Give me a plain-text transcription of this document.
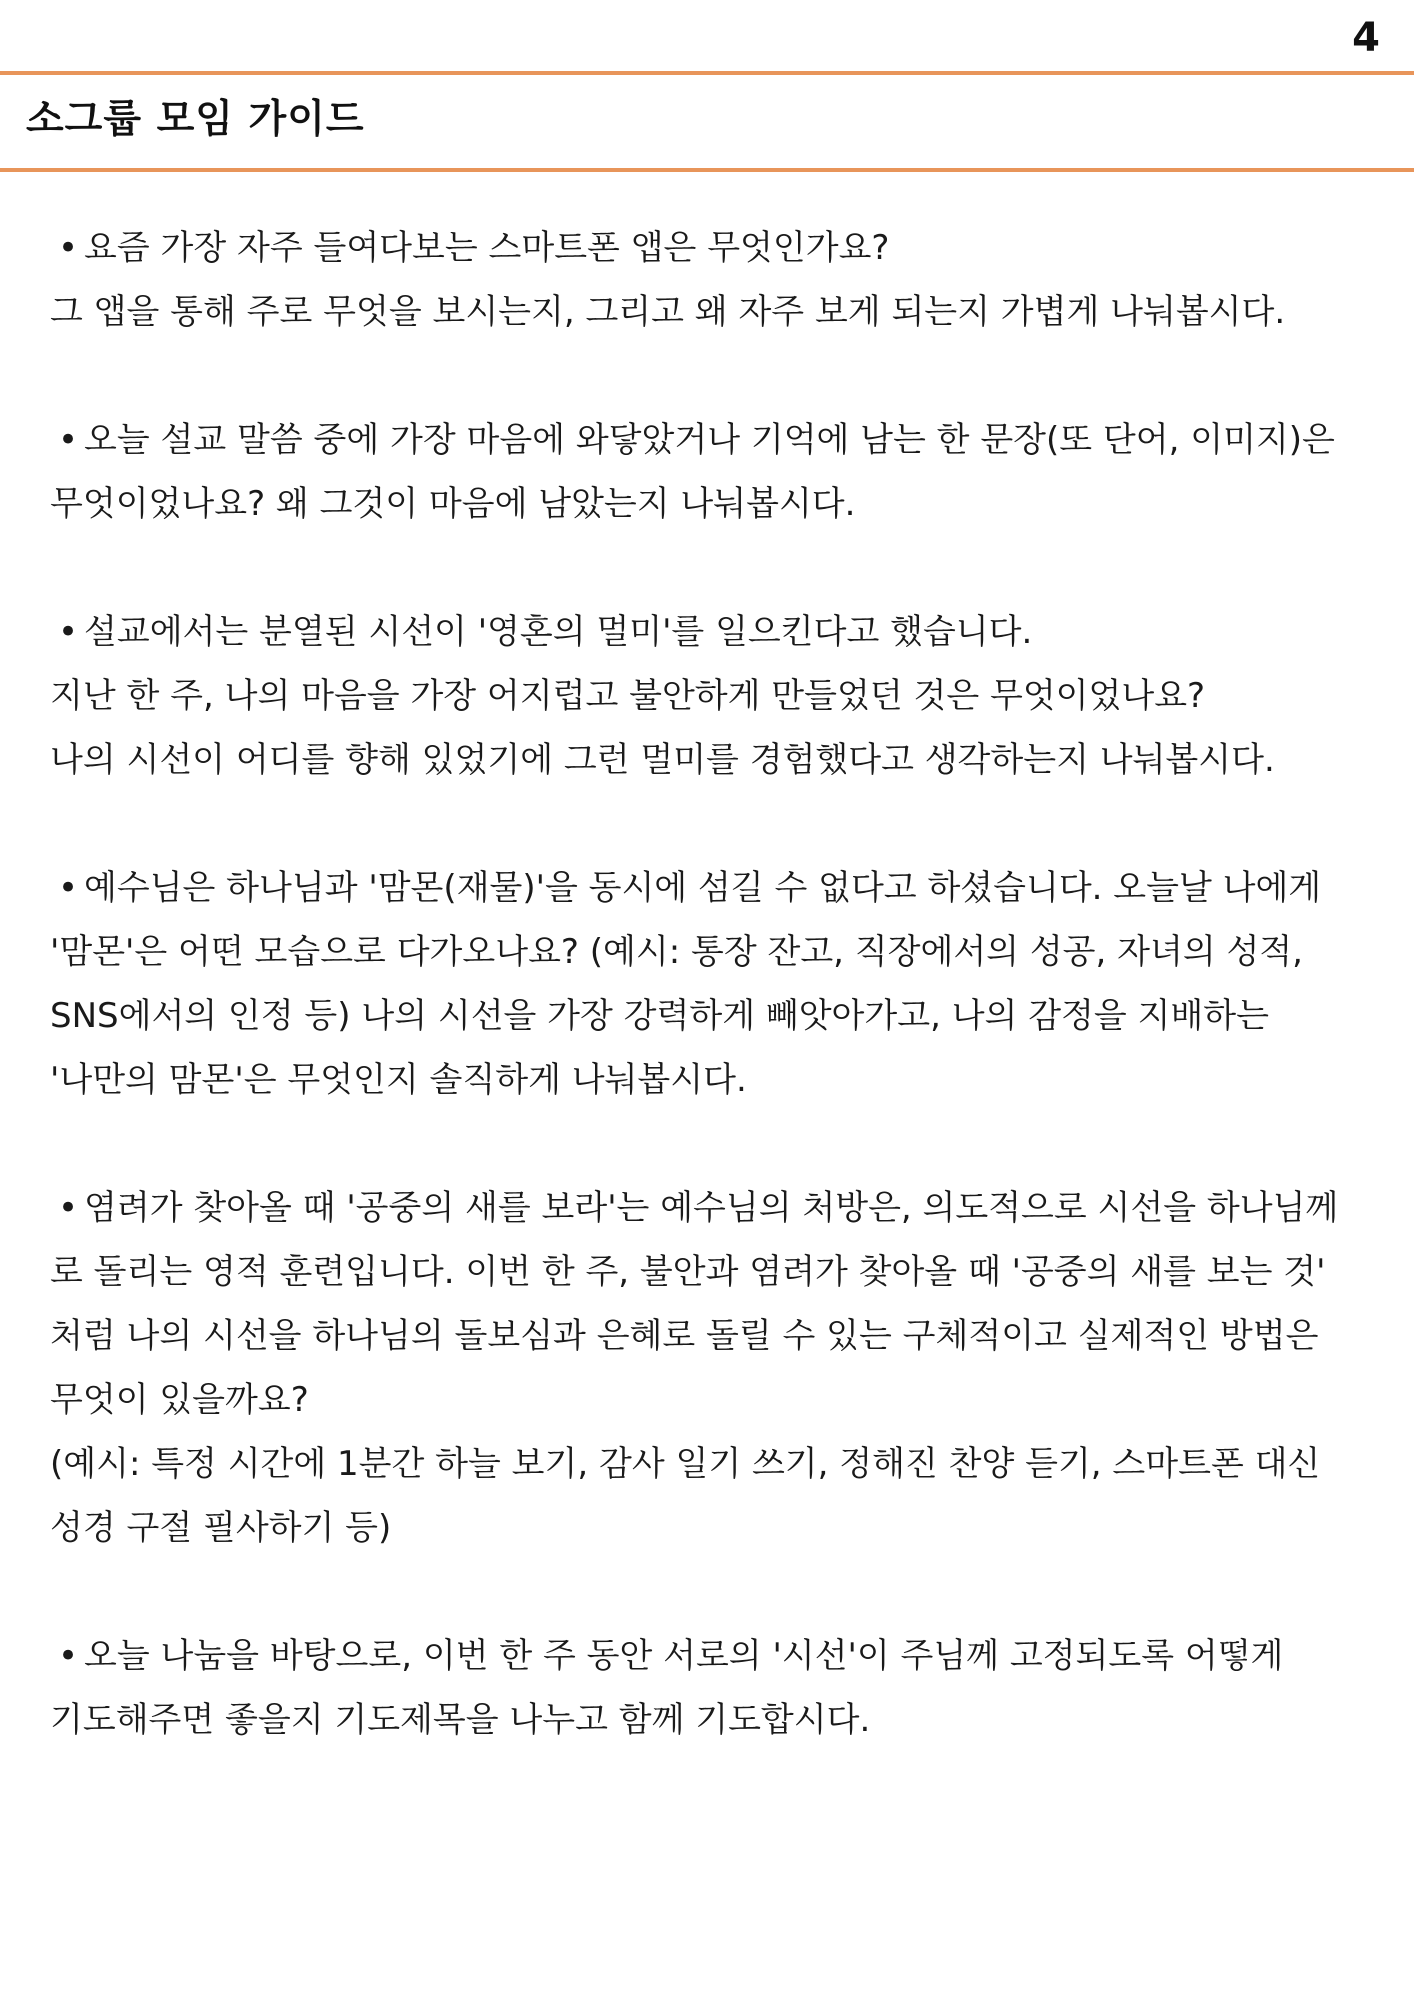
4
소그룹 모임 가이드
• 요즘 가장 자주 들여다보는 스마트폰 앱은 무엇인가요?
그 앱을 통해 주로 무엇을 보시는지, 그리고 왜 자주 보게 되는지 가볍게 나눠봅시다.
• 오늘 설교 말씀 중에 가장 마음에 와닿았거나 기억에 남는 한 문장(또 단어, 이미지)은
무엇이었나요? 왜 그것이 마음에 남았는지 나눠봅시다.
• 설교에서는 분열된 시선이 '영혼의 멀미'를 일으킨다고 했습니다.
지난 한 주, 나의 마음을 가장 어지럽고 불안하게 만들었던 것은 무엇이었나요?
나의 시선이 어디를 향해 있었기에 그런 멀미를 경험했다고 생각하는지 나눠봅시다.
• 예수님은 하나님과 '맘몬(재물)'을 동시에 섬길 수 없다고 하셨습니다. 오늘날 나에게
'맘몬'은 어떤 모습으로 다가오나요? (예시: 통장 잔고, 직장에서의 성공, 자녀의 성적,
SNS에서의 인정 등) 나의 시선을 가장 강력하게 빼앗아가고, 나의 감정을 지배하는
'나만의 맘몬'은 무엇인지 솔직하게 나눠봅시다.
• 염려가 찾아올 때 '공중의 새를 보라'는 예수님의 처방은, 의도적으로 시선을 하나님께
로 돌리는 영적 훈련입니다. 이번 한 주, 불안과 염려가 찾아올 때 '공중의 새를 보는 것'
처럼 나의 시선을 하나님의 돌보심과 은혜로 돌릴 수 있는 구체적이고 실제적인 방법은
무엇이 있을까요?
(예시: 특정 시간에 1분간 하늘 보기, 감사 일기 쓰기, 정해진 찬양 듣기, 스마트폰 대신
성경 구절 필사하기 등)
• 오늘 나눔을 바탕으로, 이번 한 주 동안 서로의 '시선'이 주님께 고정되도록 어떻게
기도해주면 좋을지 기도제목을 나누고 함께 기도합시다.
